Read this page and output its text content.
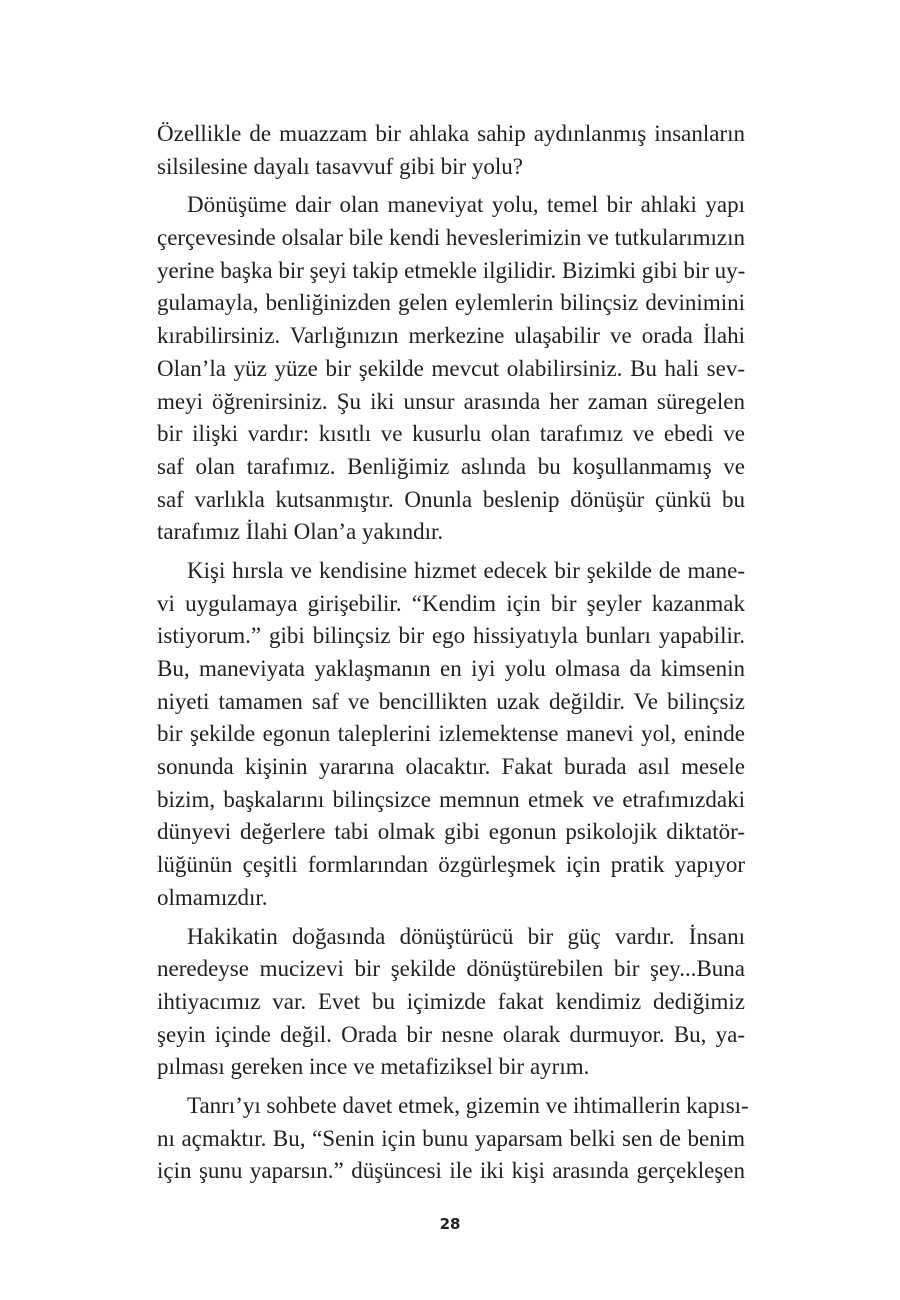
Özellikle de muazzam bir ahlaka sahip aydınlanmış insanların
silsilesine dayalı tasavvuf gibi bir yolu?
Dönüşüme dair olan maneviyat yolu, temel bir ahlaki yapı
çerçevesinde olsalar bile kendi heveslerimizin ve tutkularımızın
yerine başka bir şeyi takip etmekle ilgilidir. Bizimki gibi bir uy-
gulamayla, benliğinizden gelen eylemlerin bilinçsiz devinimini
kırabilirsiniz. Varlığınızın merkezine ulaşabilir ve orada İlahi
Olan’la yüz yüze bir şekilde mevcut olabilirsiniz. Bu hali sev-
meyi öğrenirsiniz. Şu iki unsur arasında her zaman süregelen
bir ilişki vardır: kısıtlı ve kusurlu olan tarafımız ve ebedi ve
saf olan tarafımız. Benliğimiz aslında bu koşullanmamış ve
saf varlıkla kutsanmıştır. Onunla beslenip dönüşür çünkü bu
tarafımız İlahi Olan’a yakındır.
Kişi hırsla ve kendisine hizmet edecek bir şekilde de mane-
vi uygulamaya girişebilir. “Kendim için bir şeyler kazanmak
istiyorum.” gibi bilinçsiz bir ego hissiyatıyla bunları yapabilir.
Bu, maneviyata yaklaşmanın en iyi yolu olmasa da kimsenin
niyeti tamamen saf ve bencillikten uzak değildir. Ve bilinçsiz
bir şekilde egonun taleplerini izlemektense manevi yol, eninde
sonunda kişinin yararına olacaktır. Fakat burada asıl mesele
bizim, başkalarını bilinçsizce memnun etmek ve etrafımızdaki
dünyevi değerlere tabi olmak gibi egonun psikolojik diktatör-
lüğünün çeşitli formlarından özgürleşmek için pratik yapıyor
olmamızdır.
Hakikatin doğasında dönüştürücü bir güç vardır. İnsanı
neredeyse mucizevi bir şekilde dönüştürebilen bir şey...Buna
ihtiyacımız var. Evet bu içimizde fakat kendimiz dediğimiz
şeyin içinde değil. Orada bir nesne olarak durmuyor. Bu, ya-
pılması gereken ince ve metafiziksel bir ayrım.
Tanrı’yı sohbete davet etmek, gizemin ve ihtimallerin kapısı-
nı açmaktır. Bu, “Senin için bunu yaparsam belki sen de benim
için şunu yaparsın.” düşüncesi ile iki kişi arasında gerçekleşen
28
